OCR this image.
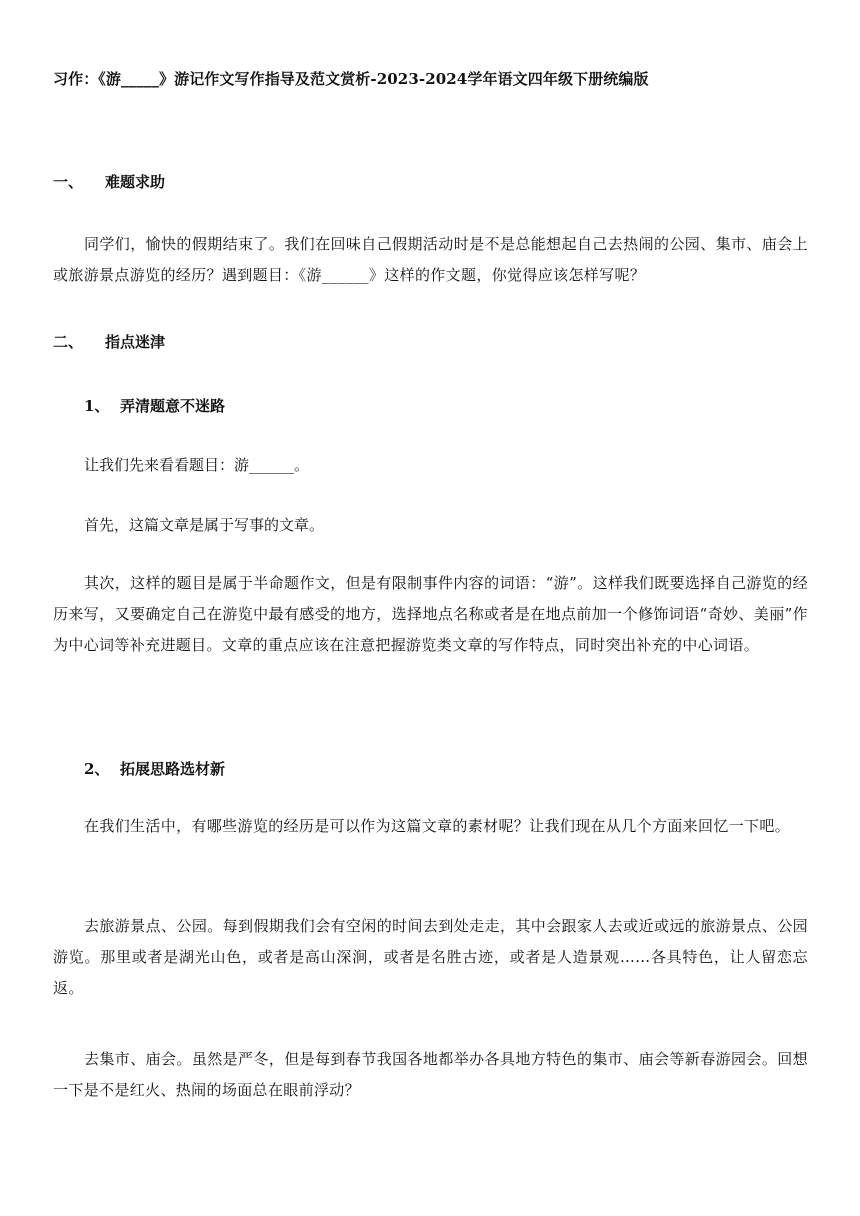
习作：《游_____》游记作文写作指导及范文赏析-2023-2024学年语文四年级下册统编版
一、 难题求助
同学们，愉快的假期结束了。我们在回味自己假期活动时是不是总能想起自己去热闹的公园、集市、庙会上或旅游景点游览的经历？遇到题目：《游______》这样的作文题，你觉得应该怎样写呢？
二、 指点迷津
1、 弄清题意不迷路
让我们先来看看题目：游______。
首先，这篇文章是属于写事的文章。
其次，这样的题目是属于半命题作文，但是有限制事件内容的词语：“游”。这样我们既要选择自己游览的经历来写，又要确定自己在游览中最有感受的地方，选择地点名称或者是在地点前加一个修饰词语“奇妙、美丽”作为中心词等补充进题目。文章的重点应该在注意把握游览类文章的写作特点，同时突出补充的中心词语。
2、 拓展思路选材新
在我们生活中，有哪些游览的经历是可以作为这篇文章的素材呢？让我们现在从几个方面来回忆一下吧。
去旅游景点、公园。每到假期我们会有空闲的时间去到处走走，其中会跟家人去或近或远的旅游景点、公园游览。那里或者是湖光山色，或者是高山深涧，或者是名胜古迹，或者是人造景观……各具特色，让人留恋忘返。
去集市、庙会。虽然是严冬，但是每到春节我国各地都举办各具地方特色的集市、庙会等新春游园会。回想一下是不是红火、热闹的场面总在眼前浮动？
